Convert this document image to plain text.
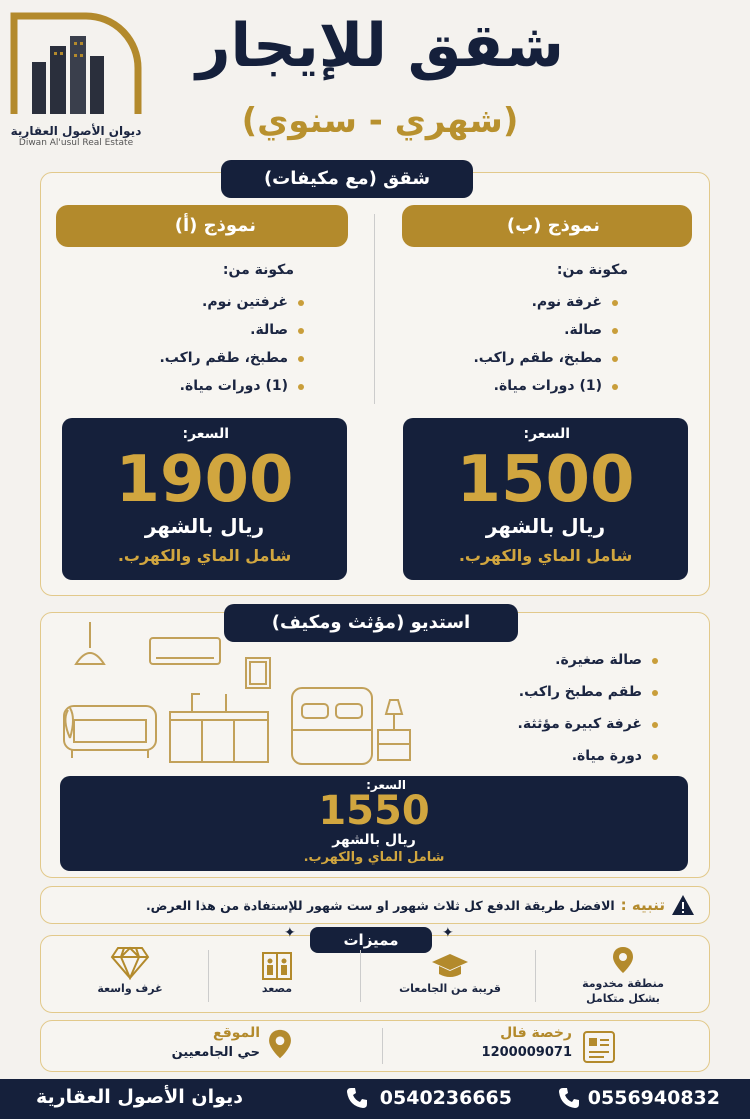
ديوان الأصول العقارية
Diwan Al'usul Real Estate
شقق للإيجار
(شهري - سنوي)
شقق (مع مكيفات)
نموذج (ب)
مكونة من:
غرفة نوم.
صالة.
مطبخ، طقم راكب.
(1) دورات مياة.
السعر:
1500
ريال بالشهر
شامل الماي والكهرب.
نموذج (أ)
مكونة من:
غرفتين نوم.
صالة.
مطبخ، طقم راكب.
(1) دورات مياة.
السعر:
1900
ريال بالشهر
شامل الماي والكهرب.
استديو (مؤثث ومكيف)
صالة صغيرة.
طقم مطبخ راكب.
غرفة كبيرة مؤثثة.
دورة مياة.
السعر:
1550
ريال بالشهر
شامل الماي والكهرب.
تنبيه :
الافضل طريقة الدفع كل ثلاث شهور او ست شهور للإستفادة من هذا العرض.
مميزات	✦
✦
منطقة مخدومة بشكل متكامل
قريبة من الجامعات
مصعد
غرف واسعة
رخصة فال
1200009071
الموقع
حي الجامعيين
0556940832
0540236665
ديوان الأصول العقارية
